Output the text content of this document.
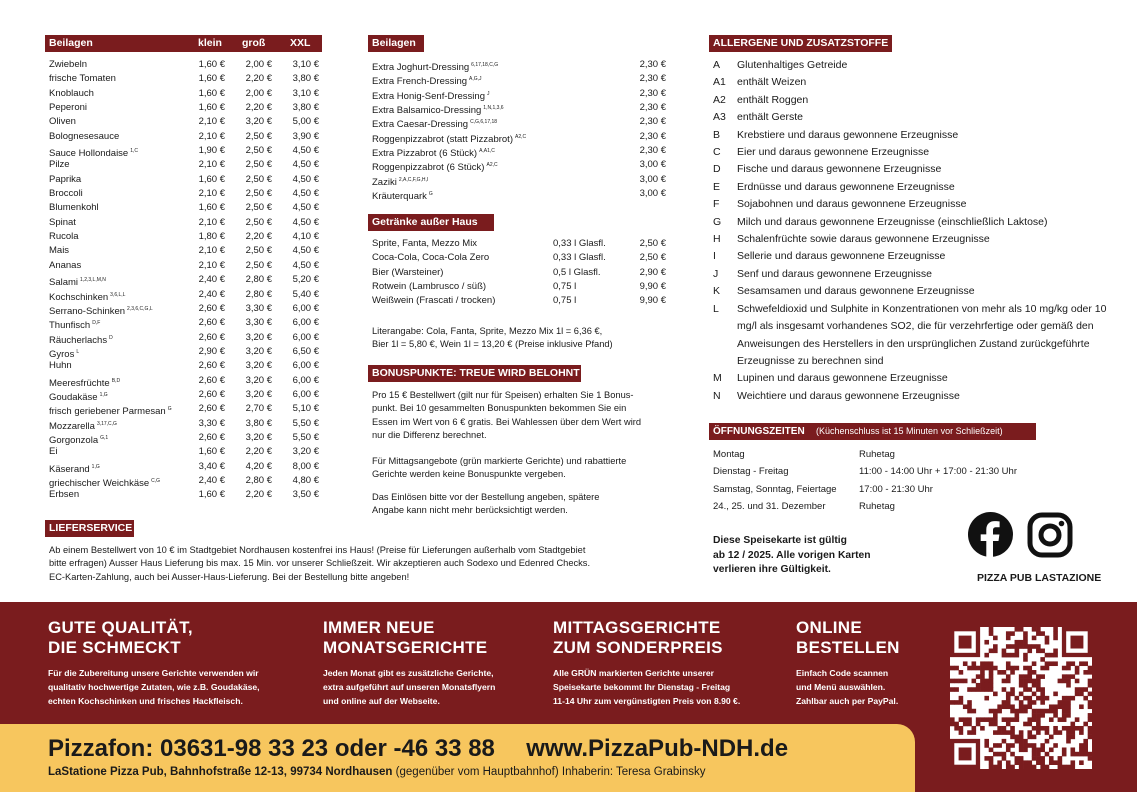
Beilagen	klein groß XXL
Zwiebeln	1,60 € 2,00 € 3,10 €
frische Tomaten	1,60 € 2,20 € 3,80 €
Knoblauch	1,60 € 2,00 € 3,10 €
Peperoni	1,60 € 2,20 € 3,80 €
Oliven	2,10 € 3,20 € 5,00 €
Bolognesesauce	2,10 € 2,50 € 3,90 €
Sauce Hollondaise $^{1,C}$	1,90 € 2,50 € 4,50 €
Pilze	2,10 € 2,50 € 4,50 €
Paprika	1,60 € 2,50 € 4,50 €
Broccoli	2,10 € 2,50 € 4,50 €
Blumenkohl	1,60 € 2,50 € 4,50 €
Spinat	2,10 € 2,50 € 4,50 €
Rucola	1,80 € 2,20 € 4,10 €
Mais	2,10 € 2,50 € 4,50 €
Ananas	2,10 € 2,50 € 4,50 €
Salami $^{1,2,3,L,M,N}$	2,40 € 2,80 € 5,20 €
Kochschinken $^{3,6,L,L}$	2,40 € 2,80 € 5,40 €
Serrano-Schinken $^{2,3,6,C,G,L}$	2,60 € 3,30 € 6,00 €
Thunfisch $^{D,F}$	2,60 € 3,30 € 6,00 €
Räucherlachs $^D$	2,60 € 3,20 € 6,00 €
Gyros $^L$	2,90 € 3,20 € 6,50 €
Huhn	2,60 € 3,20 € 6,00 €
Meeresfrüchte $^{B,D}$	2,60 € 3,20 € 6,00 €
Goudakäse $^{1,G}$	2,60 € 3,20 € 6,00 €
frisch geriebener Parmesan $^G$	2,60 € 2,70 € 5,10 €
Mozzarella $^{3,17,C,G}$	3,30 € 3,80 € 5,50 €
Gorgonzola $^{G,1}$	2,60 € 3,20 € 5,50 €
Ei	1,60 € 2,20 € 3,20 €
Käserand $^{1,G}$	3,40 € 4,20 € 8,00 €
griechischer Weichkäse $^{C,G}$	2,40 € 2,80 € 4,80 €
Erbsen	1,60 € 2,20 € 3,50 €
Beilagen
Extra Joghurt-Dressing $^{6,17,18,C,G}$	2,30 €
Extra French-Dressing $^{A,G,J}$	2,30 €
Extra Honig-Senf-Dressing $^J$	2,30 €
Extra Balsamico-Dressing $^{1,N,1,3,6}$	2,30 €
Extra Caesar-Dressing $^{C,G,6,17,18}$	2,30 €
Roggenpizzabrot (statt Pizzabrot) $^{A2,C}$	2,30 €
Extra Pizzabrot (6 Stück) $^{A,A1,C}$	2,30 €
Roggenpizzabrot (6 Stück) $^{A2,C}$	3,00 €
Zaziki $^{2,A,C,F,G,H,I}$	3,00 €
Kräuterquark $^G$	3,00 €
Getränke außer Haus
Sprite, Fanta, Mezzo Mix	0,33 l Glasfl.	2,50 €
Coca-Cola, Coca-Cola Zero	0,33 l Glasfl.	2,50 €
Bier (Warsteiner)	0,5 l Glasfl.	2,90 €
Rotwein (Lambrusco / süß)	0,75 l	9,90 €
Weißwein (Frascati / trocken)	0,75 l	9,90 €
Literangabe: Cola, Fanta, Sprite, Mezzo Mix 1l = 6,36 €,
Bier 1l = 5,80 €, Wein 1l = 13,20 € (Preise inklusive Pfand)
BONUSPUNKTE: TREUE WIRD BELOHNT
Pro 15 € Bestellwert (gilt nur für Speisen) erhalten Sie 1 Bonus-
punkt. Bei 10 gesammelten Bonuspunkten bekommen Sie ein
Essen im Wert von 6 € gratis. Bei Wahlessen über dem Wert wird
nur die Differenz berechnet.
Für Mittagsangebote (grün markierte Gerichte) und rabattierte
Gerichte werden keine Bonuspunkte vergeben.
Das Einlösen bitte vor der Bestellung angeben, spätere
Angabe kann nicht mehr berücksichtigt werden.
LIEFERSERVICE
Ab einem Bestellwert von 10 € im Stadtgebiet Nordhausen kostenfrei ins Haus! (Preise für Lieferungen außerhalb vom Stadtgebiet
bitte erfragen) Ausser Haus Lieferung bis max. 15 Min. vor unserer Schließzeit. Wir akzeptieren auch Sodexo und Edenred Checks.
EC-Karten-Zahlung, auch bei Ausser-Haus-Lieferung. Bei der Bestellung bitte angeben!
ALLERGENE UND ZUSATZSTOFFE
A Glutenhaltiges Getreide
A1 enthält Weizen
A2 enthält Roggen
A3 enthält Gerste
B Krebstiere und daraus gewonnene Erzeugnisse
C Eier und daraus gewonnene Erzeugnisse
D Fische und daraus gewonnene Erzeugnisse
E Erdnüsse und daraus gewonnene Erzeugnisse
F Sojabohnen und daraus gewonnene Erzeugnisse
G Milch und daraus gewonnene Erzeugnisse (einschließlich Laktose)
H Schalenfrüchte sowie daraus gewonnene Erzeugnisse
I Sellerie und daraus gewonnene Erzeugnisse
J Senf und daraus gewonnene Erzeugnisse
K Sesamsamen und daraus gewonnene Erzeugnisse
L Schwefeldioxid und Sulphite in Konzentrationen von mehr als 10 mg/kg oder 10 mg/l als insgesamt vorhandenes SO2, die für verzehrfertige oder gemäß den Anweisungen des Herstellers in den ursprünglichen Zustand zurückgeführte Erzeugnisse zu berechnen sind
M Lupinen und daraus gewonnene Erzeugnisse
N Weichtiere und daraus gewonnene Erzeugnisse
ÖFFNUNGSZEITEN (Küchenschluss ist 15 Minuten vor Schließzeit)
Montag	Ruhetag
Dienstag - Freitag	11:00 - 14:00 Uhr + 17:00 - 21:30 Uhr
Samstag, Sonntag, Feiertage 17:00 - 21:30 Uhr
24., 25. und 31. Dezember	Ruhetag
Diese Speisekarte ist gültig
ab 12 / 2025. Alle vorigen Karten
verlieren ihre Gültigkeit.
PIZZA PUB LASTAZIONE
GUTE QUALITÄT,
DIE SCHMECKT

Für die Zubereitung unsere Gerichte verwenden wir
qualitativ hochwertige Zutaten, wie z.B. Goudakäse,
echten Kochschinken und frisches Hackfleisch.

IMMER NEUE
MONATSGERICHTE

Jeden Monat gibt es zusätzliche Gerichte,
extra aufgeführt auf unseren Monatsflyern
und online auf der Webseite.

MITTAGSGERICHTE
ZUM SONDERPREIS

Alle GRÜN markierten Gerichte unserer
Speisekarte bekommt Ihr Dienstag - Freitag
11-14 Uhr zum vergünstigten Preis von 8.90 €.

ONLINE
BESTELLEN

Einfach Code scannen
und Menü auswählen.
Zahlbar auch per PayPal.

Pizzafon: 03631-98 33 23 oder -46 33 88 www.PizzaPub-NDH.de
LaStatione Pizza Pub, Bahnhofstraße 12-13, 99734 Nordhausen (gegenüber vom Hauptbahnhof) Inhaberin: Teresa Grabinsky
